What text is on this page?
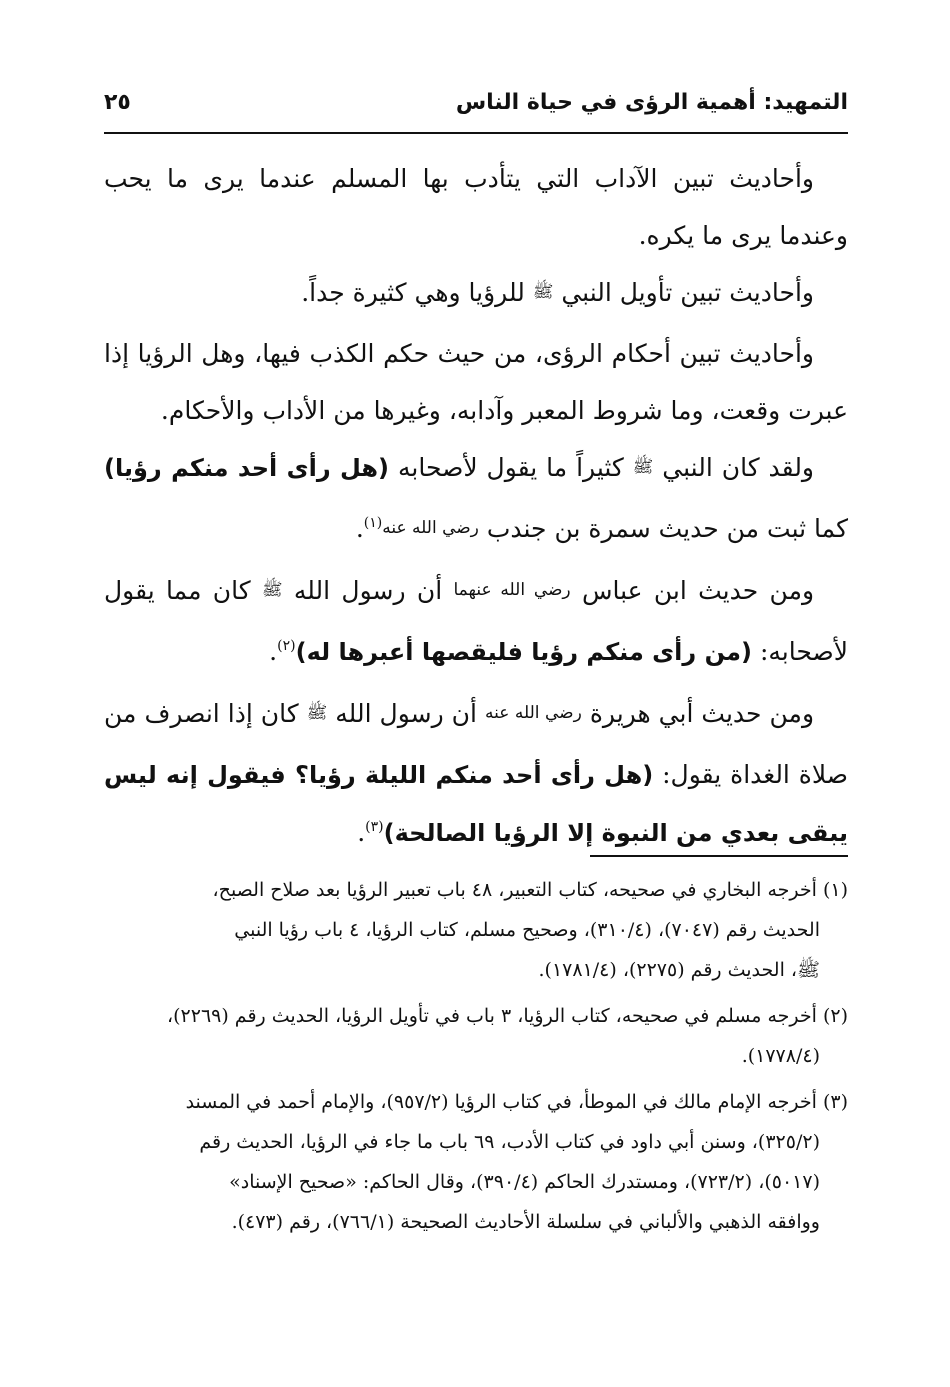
التمهيد: أهمية الرؤى في حياة الناس
٢٥

وأحاديث تبين الآداب التي يتأدب بها المسلم عندما يرى ما يحب وعندما يرى ما يكره.

وأحاديث تبين تأويل النبي ﷺ للرؤيا وهي كثيرة جداً.

وأحاديث تبين أحكام الرؤى، من حيث حكم الكذب فيها، وهل الرؤيا إذا عبرت وقعت، وما شروط المعبر وآدابه، وغيرها من الأداب والأحكام.

ولقد كان النبي ﷺ كثيراً ما يقول لأصحابه (هل رأى أحد منكم رؤيا) كما ثبت من حديث سمرة بن جندب رضي الله عنه$^{(١)}$.

ومن حديث ابن عباس رضي الله عنهما أن رسول الله ﷺ كان مما يقول لأصحابه: (من رأى منكم رؤيا فليقصها أعبرها له)$^{(٢)}$.

ومن حديث أبي هريرة رضي الله عنه أن رسول الله ﷺ كان إذا انصرف من صلاة الغداة يقول: (هل رأى أحد منكم الليلة رؤيا؟ فيقول إنه ليس يبقى بعدي من النبوة إلا الرؤيا الصالحة)$^{(٣)}$.

(١)أخرجه البخاري في صحيحه، كتاب التعبير، ٤٨ باب تعبير الرؤيا بعد صلاح الصبح،
الحديث رقم (٧٠٤٧)، (٣١٠/٤)، وصحيح مسلم، كتاب الرؤيا، ٤ باب رؤيا النبي
ﷺ، الحديث رقم (٢٢٧٥)، (١٧٨١/٤).
(٢)أخرجه مسلم في صحيحه، كتاب الرؤيا، ٣ باب في تأويل الرؤيا، الحديث رقم (٢٢٦٩)،
(١٧٧٨/٤).
(٣)أخرجه الإمام مالك في الموطأ، في كتاب الرؤيا (٩٥٧/٢)، والإمام أحمد في المسند
(٣٢٥/٢)، وسنن أبي داود في كتاب الأدب، ٦٩ باب ما جاء في الرؤيا، الحديث رقم
(٥٠١٧)، (٧٢٣/٢)، ومستدرك الحاكم (٣٩٠/٤)، وقال الحاكم: «صحيح الإسناد»
ووافقه الذهبي والألباني في سلسلة الأحاديث الصحيحة (٧٦٦/١)، رقم (٤٧٣).
